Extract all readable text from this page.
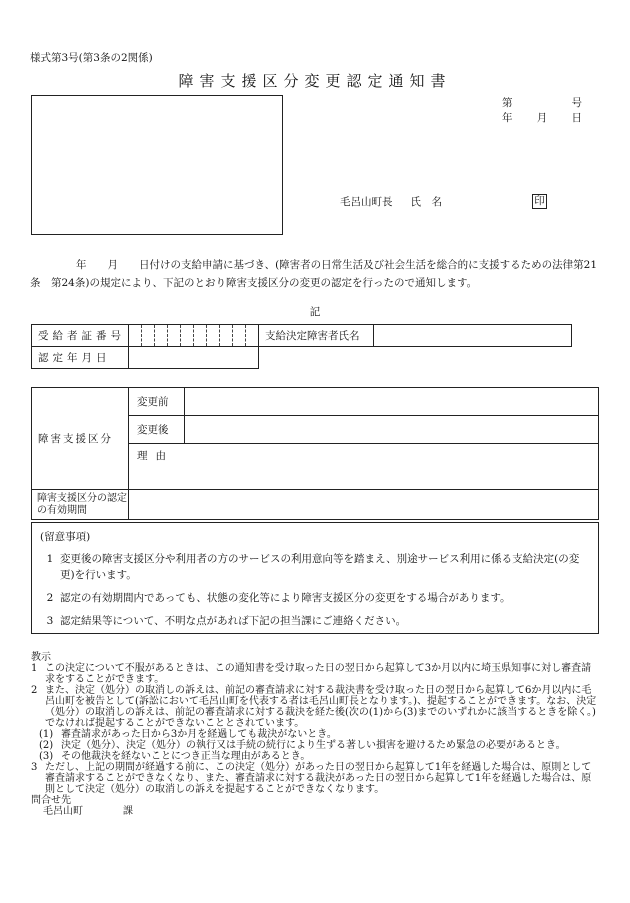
様式第3号(第3条の2関係)
障害支援区分変更認定通知書
第	号
年 月 日
毛呂山町長 氏　名	印
年　　月　　日付けの支給申請に基づき、(障害者の日常生活及び社会生活を総合的に支援するための法律第21条　第24条)の規定により、下記のとおり障害支援区分の変更の認定を行ったので通知します。
記
受給者証番号											支給決定障害者氏名	
認定年月日												
障害支援区分	変更前	
	変更後	
	理由	
障害支援区分の認定の有効期間		
(留意事項)
1 変更後の障害支援区分や利用者の方のサービスの利用意向等を踏まえ、別途サービス利用に係る支給決定(の変更)を行います。
2 認定の有効期間内であっても、状態の変化等により障害支援区分の変更をする場合があります。
3 認定結果等について、不明な点があれば下記の担当課にご連絡ください。
教示
1 この決定について不服があるときは、この通知書を受け取った日の翌日から起算して3か月以内に埼玉県知事に対し審査請求をすることができます。
2 また、決定（処分）の取消しの訴えは、前記の審査請求に対する裁決書を受け取った日の翌日から起算して6か月以内に毛呂山町を被告として(訴訟において毛呂山町を代表する者は毛呂山町長となります。)、提起することができます。なお、決定（処分）の取消しの訴えは、前記の審査請求に対する裁決を経た後(次の(1)から(3)までのいずれかに該当するときを除く。)でなければ提起することができないこととされています。
(1) 審査請求があった日から3か月を経過しても裁決がないとき。
(2) 決定（処分）、決定（処分）の執行又は手続の続行により生ずる著しい損害を避けるため緊急の必要があるとき。
(3) その他裁決を経ないことにつき正当な理由があるとき。
3 ただし、上記の期間が経過する前に、この決定（処分）があった日の翌日から起算して1年を経過した場合は、原則として審査請求することができなくなり、また、審査請求に対する裁決があった日の翌日から起算して1年を経過した場合は、原則として決定（処分）の取消しの訴えを提起することができなくなります。
問合せ先
毛呂山町　　　　課
